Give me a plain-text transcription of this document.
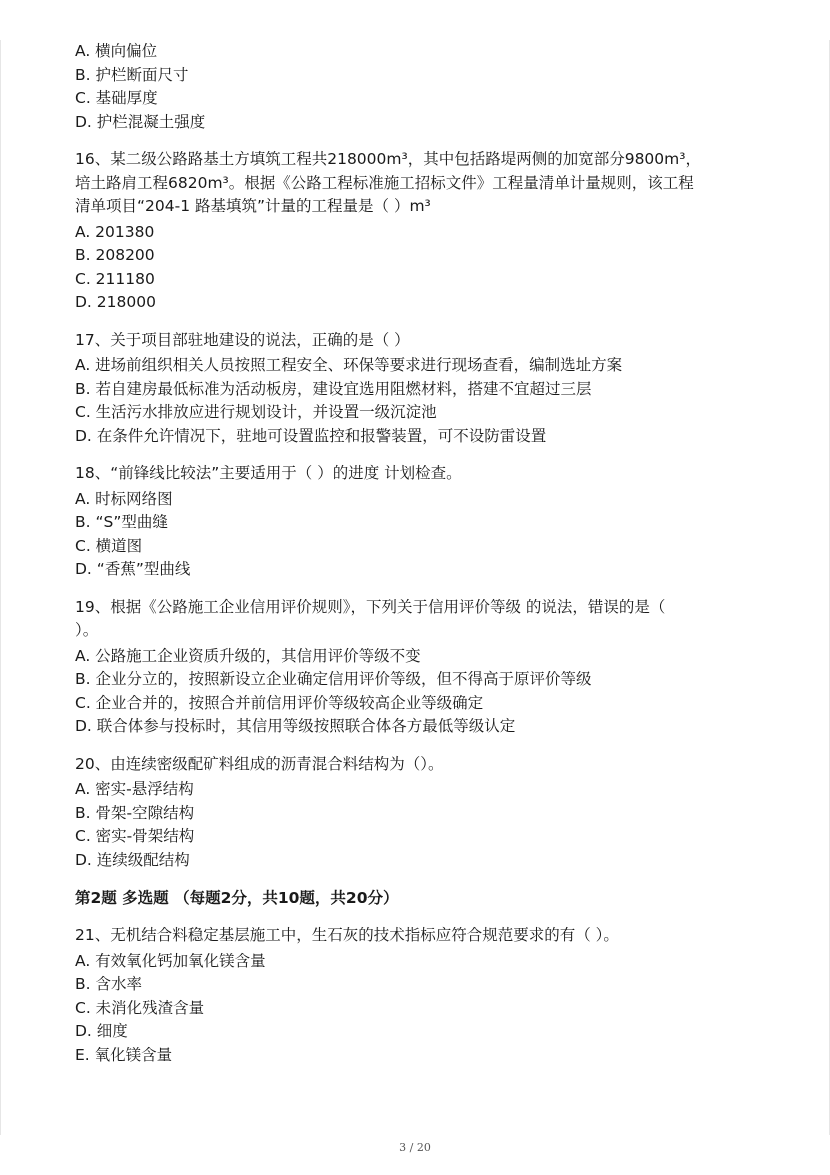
A. 横向偏位
B. 护栏断面尺寸
C. 基础厚度
D. 护栏混凝土强度
16、某二级公路路基土方填筑工程共218000m³，其中包括路堤两侧的加宽部分9800m³，
培土路肩工程6820m³。根据《公路工程标准施工招标文件》工程量清单计量规则，该工程
清单项目“204-1 路基填筑”计量的工程量是（ ）m³
A. 201380
B. 208200
C. 211180
D. 218000
17、关于项目部驻地建设的说法，正确的是（ ）
A. 进场前组织相关人员按照工程安全、环保等要求进行现场查看，编制选址方案
B. 若自建房最低标准为活动板房，建设宜选用阻燃材料，搭建不宜超过三层
C. 生活污水排放应进行规划设计，并设置一级沉淀池
D. 在条件允许情况下，驻地可设置监控和报警装置，可不设防雷设置
18、“前锋线比较法”主要适用于（ ）的进度 计划检查。
A. 时标网络图
B. “S”型曲缝
C. 横道图
D. “香蕉”型曲线
19、根据《公路施工企业信用评价规则》，下列关于信用评价等级 的说法，错误的是（
）。
A. 公路施工企业资质升级的，其信用评价等级不变
B. 企业分立的，按照新设立企业确定信用评价等级，但不得高于原评价等级
C. 企业合并的，按照合并前信用评价等级较高企业等级确定
D. 联合体参与投标时，其信用等级按照联合体各方最低等级认定
20、由连续密级配矿料组成的沥青混合料结构为（）。
A. 密实-悬浮结构
B. 骨架-空隙结构
C. 密实-骨架结构
D. 连续级配结构
第2题 多选题 （每题2分，共10题，共20分）
21、无机结合料稳定基层施工中，生石灰的技术指标应符合规范要求的有（ ）。
A. 有效氧化钙加氧化镁含量
B. 含水率
C. 未消化残渣含量
D. 细度
E. 氧化镁含量
3 / 20
